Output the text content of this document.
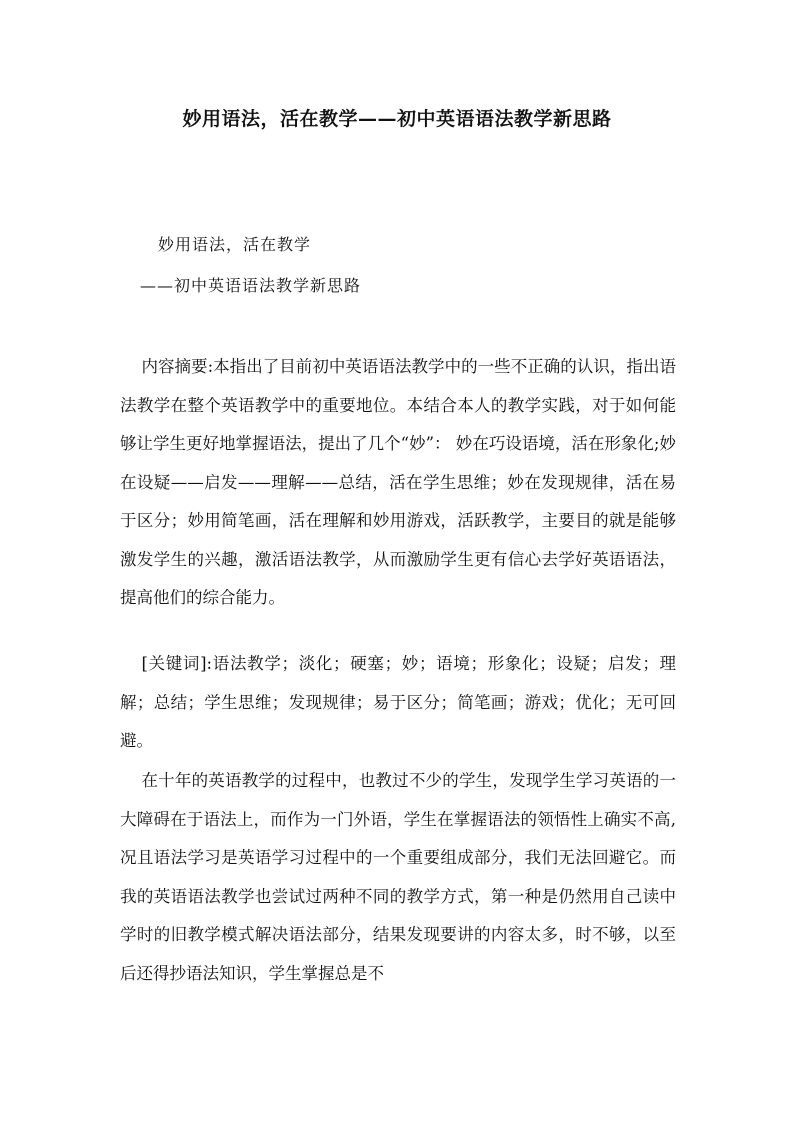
妙用语法，活在教学——初中英语语法教学新思路
妙用语法，活在教学
——初中英语语法教学新思路

内容摘要:本指出了目前初中英语语法教学中的一些不正确的认识，指出语法教学在整个英语教学中的重要地位。本结合本人的教学实践，对于如何能够让学生更好地掌握语法，提出了几个“妙”： 妙在巧设语境，活在形象化;妙在设疑——启发——理解——总结，活在学生思维；妙在发现规律，活在易于区分；妙用简笔画，活在理解和妙用游戏，活跃教学，主要目的就是能够激发学生的兴趣，激活语法教学，从而激励学生更有信心去学好英语语法，提高他们的综合能力。

[关键词]:语法教学；淡化；硬塞；妙；语境；形象化；设疑；启发；理解；总结；学生思维；发现规律；易于区分；简笔画；游戏；优化；无可回避。

在十年的英语教学的过程中，也教过不少的学生，发现学生学习英语的一大障碍在于语法上，而作为一门外语，学生在掌握语法的领悟性上确实不高,况且语法学习是英语学习过程中的一个重要组成部分，我们无法回避它。而我的英语语法教学也尝试过两种不同的教学方式，第一种是仍然用自己读中学时的旧教学模式解决语法部分，结果发现要讲的内容太多，时不够，以至后还得抄语法知识，学生掌握总是不
